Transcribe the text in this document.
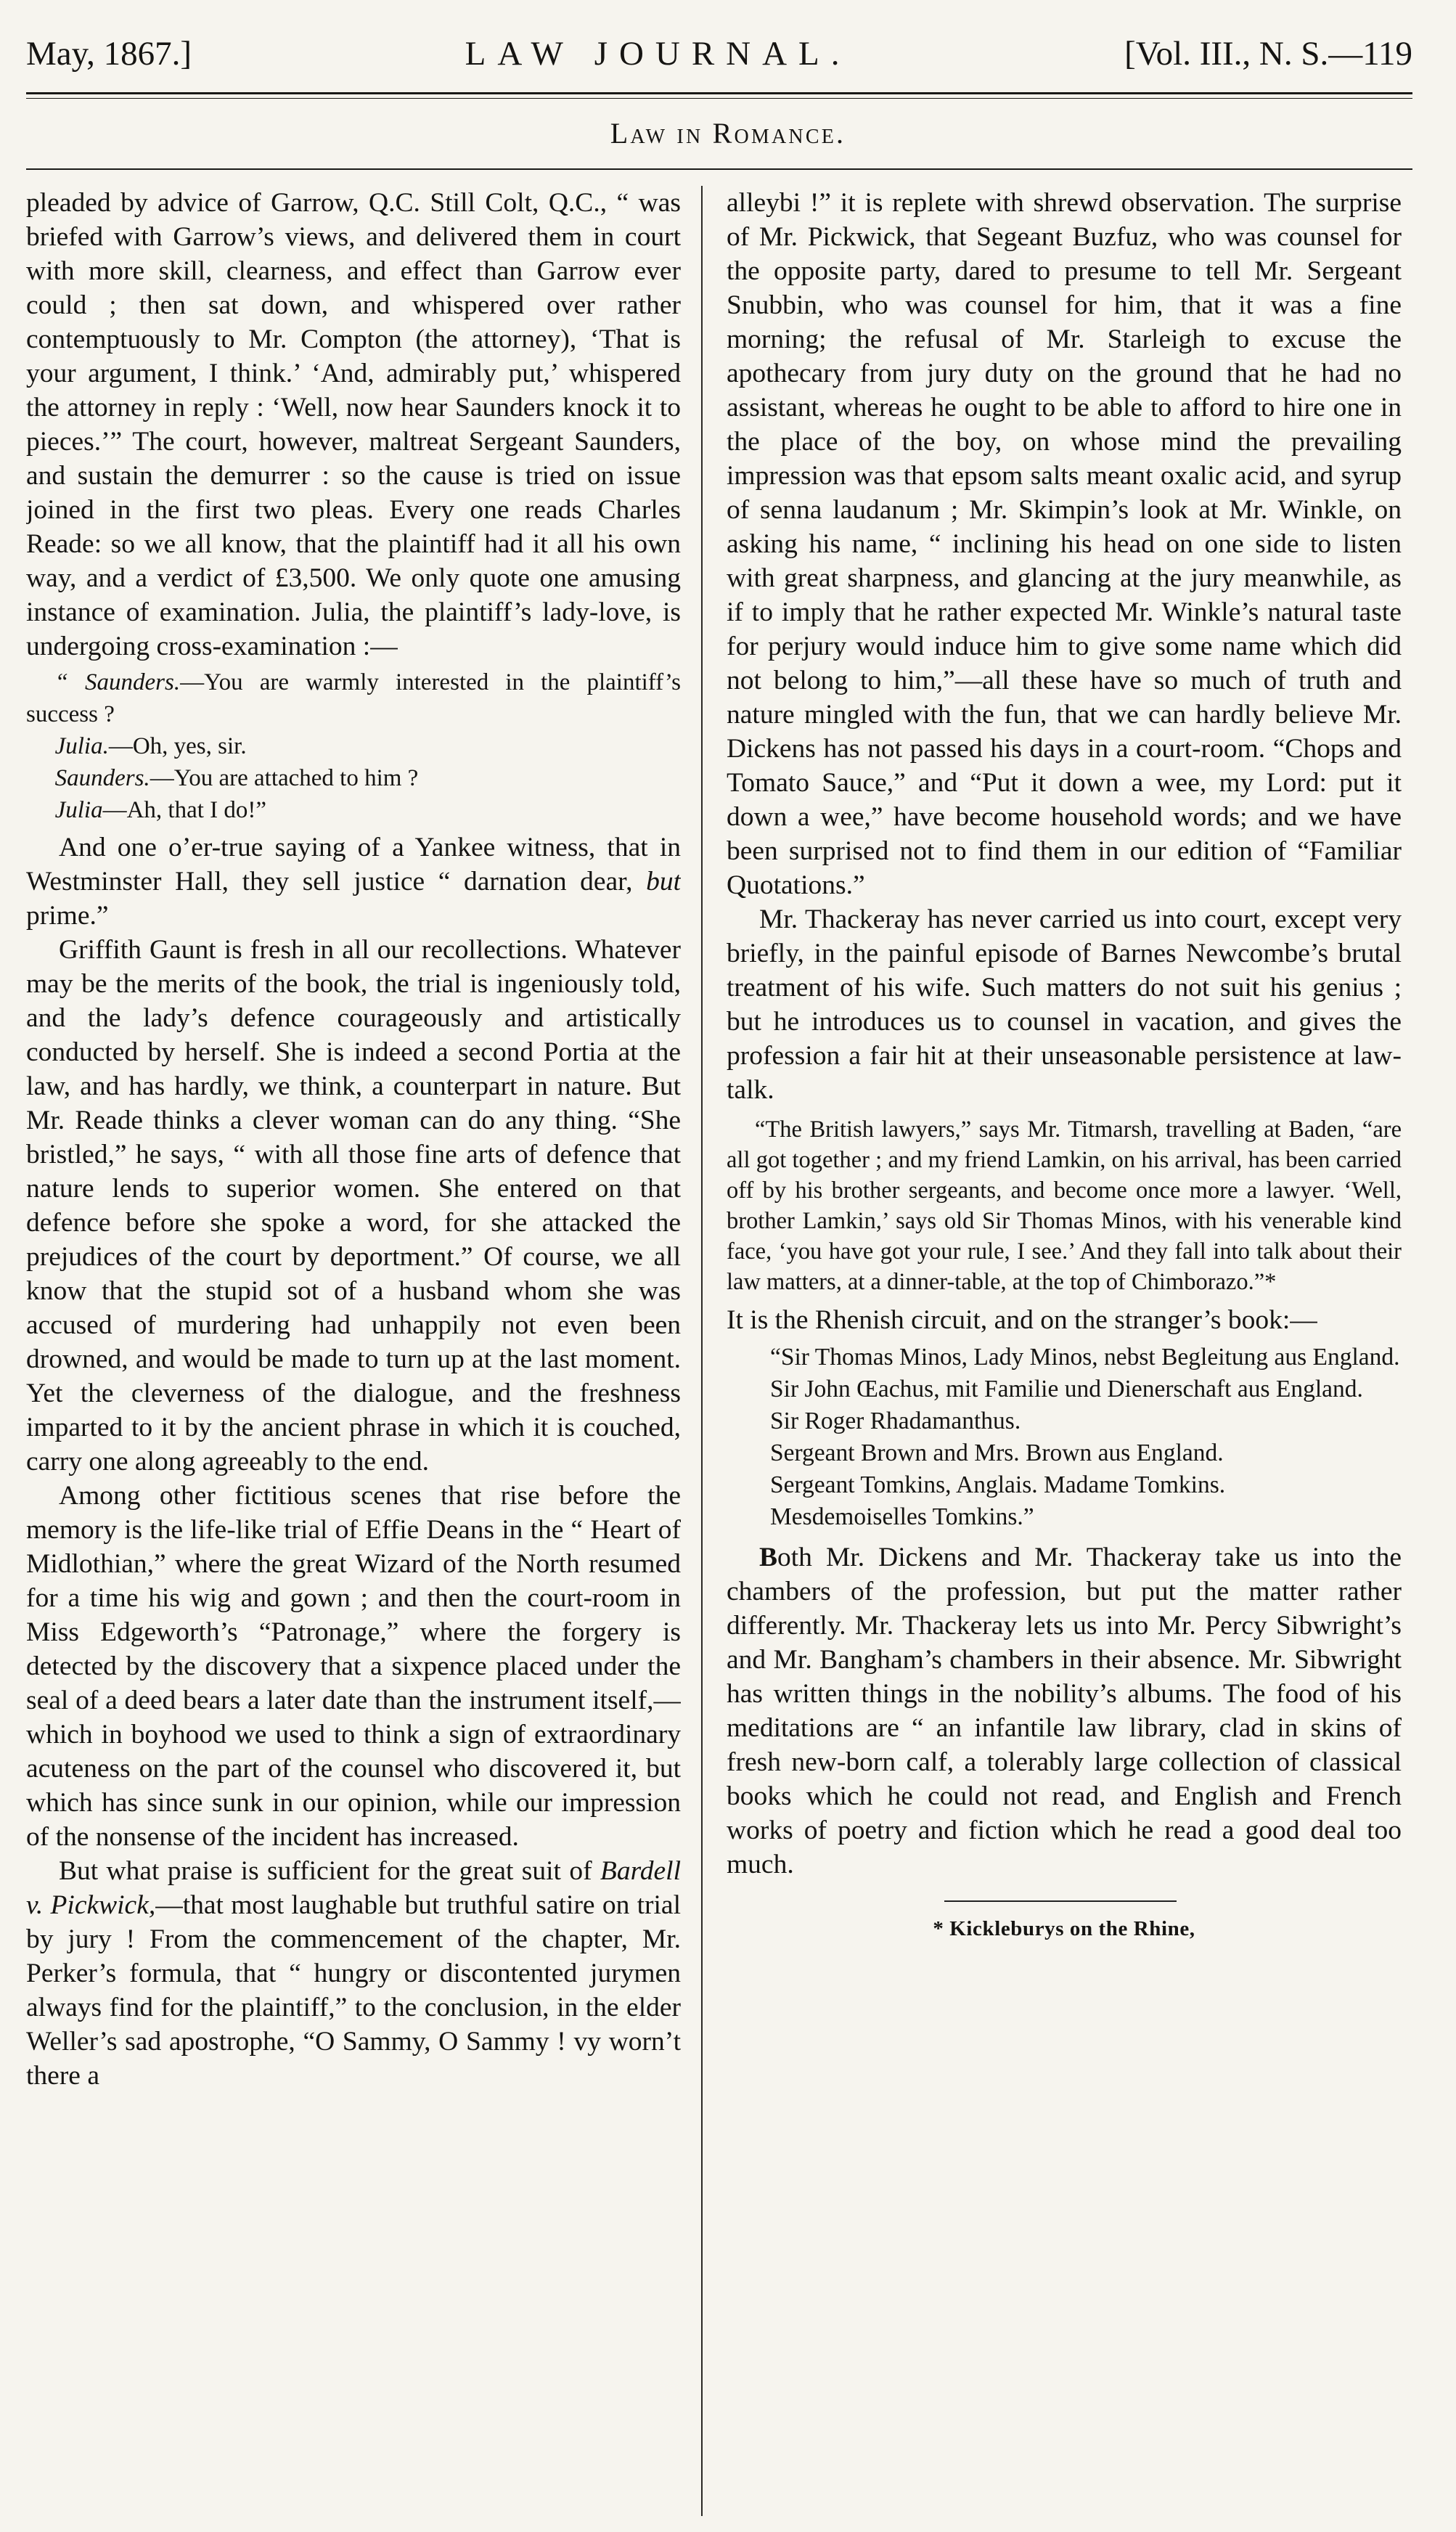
May, 1867.]	LAW JOURNAL.	[Vol. III., N. S.—119
Law in Romance.

pleaded by advice of Garrow, Q.C. Still Colt, Q.C., “ was briefed with Garrow’s views, and delivered them in court with more skill, clearness, and effect than Garrow ever could ; then sat down, and whispered over rather contemptuously to Mr. Compton (the attorney), ‘That is your argument, I think.’ ‘And, admirably put,’ whispered the attorney in reply : ‘Well, now hear Saunders knock it to pieces.’” The court, however, maltreat Sergeant Saunders, and sustain the demurrer : so the cause is tried on issue joined in the first two pleas. Every one reads Charles Reade: so we all know, that the plaintiff had it all his own way, and a verdict of £3,500. We only quote one amusing instance of examination. Julia, the plaintiff’s lady-love, is undergoing cross-examination :—

“ Saunders.—You are warmly interested in the plaintiff’s success ?
Julia.—Oh, yes, sir.
Saunders.—You are attached to him ?
Julia—Ah, that I do!”

And one o’er-true saying of a Yankee witness, that in Westminster Hall, they sell justice “ darnation dear, but prime.”

Griffith Gaunt is fresh in all our recollections. Whatever may be the merits of the book, the trial is ingeniously told, and the lady’s defence courageously and artistically conducted by herself. She is indeed a second Portia at the law, and has hardly, we think, a counterpart in nature. But Mr. Reade thinks a clever woman can do any thing. “She bristled,” he says, “ with all those fine arts of defence that nature lends to superior women. She entered on that defence before she spoke a word, for she attacked the prejudices of the court by deportment.” Of course, we all know that the stupid sot of a husband whom she was accused of murdering had unhappily not even been drowned, and would be made to turn up at the last moment. Yet the cleverness of the dialogue, and the freshness imparted to it by the ancient phrase in which it is couched, carry one along agreeably to the end.

Among other fictitious scenes that rise before the memory is the life-like trial of Effie Deans in the “ Heart of Midlothian,” where the great Wizard of the North resumed for a time his wig and gown ; and then the court-room in Miss Edgeworth’s “Patronage,” where the forgery is detected by the discovery that a sixpence placed under the seal of a deed bears a later date than the instrument itself,—which in boyhood we used to think a sign of extraordinary acuteness on the part of the counsel who discovered it, but which has since sunk in our opinion, while our impression of the nonsense of the incident has increased.

But what praise is sufficient for the great suit of Bardell v. Pickwick,—that most laughable but truthful satire on trial by jury ! From the commencement of the chapter, Mr. Perker’s formula, that “ hungry or discontented jurymen always find for the plaintiff,” to the conclusion, in the elder Weller’s sad apostrophe, “O Sammy, O Sammy ! vy worn’t there a

alleybi !” it is replete with shrewd observation. The surprise of Mr. Pickwick, that Segeant Buzfuz, who was counsel for the opposite party, dared to presume to tell Mr. Sergeant Snubbin, who was counsel for him, that it was a fine morning; the refusal of Mr. Starleigh to excuse the apothecary from jury duty on the ground that he had no assistant, whereas he ought to be able to afford to hire one in the place of the boy, on whose mind the prevailing impression was that epsom salts meant oxalic acid, and syrup of senna laudanum ; Mr. Skimpin’s look at Mr. Winkle, on asking his name, “ inclining his head on one side to listen with great sharpness, and glancing at the jury meanwhile, as if to imply that he rather expected Mr. Winkle’s natural taste for perjury would induce him to give some name which did not belong to him,”—all these have so much of truth and nature mingled with the fun, that we can hardly believe Mr. Dickens has not passed his days in a court-room. “Chops and Tomato Sauce,” and “Put it down a wee, my Lord: put it down a wee,” have become household words; and we have been surprised not to find them in our edition of “Familiar Quotations.”

Mr. Thackeray has never carried us into court, except very briefly, in the painful episode of Barnes Newcombe’s brutal treatment of his wife. Such matters do not suit his genius ; but he introduces us to counsel in vacation, and gives the profession a fair hit at their unseasonable persistence at law-talk.

“The British lawyers,” says Mr. Titmarsh, travelling at Baden, “are all got together ; and my friend Lamkin, on his arrival, has been carried off by his brother sergeants, and become once more a lawyer. ‘Well, brother Lamkin,’ says old Sir Thomas Minos, with his venerable kind face, ‘you have got your rule, I see.’ And they fall into talk about their law matters, at a dinner-table, at the top of Chimborazo.”*

It is the Rhenish circuit, and on the stranger’s book:—

“Sir Thomas Minos, Lady Minos, nebst Begleitung aus England.
Sir John Œachus, mit Familie und Dienerschaft aus England.
Sir Roger Rhadamanthus.
Sergeant Brown and Mrs. Brown aus England.
Sergeant Tomkins, Anglais. Madame Tomkins.
Mesdemoiselles Tomkins.”

Both Mr. Dickens and Mr. Thackeray take us into the chambers of the profession, but put the matter rather differently. Mr. Thackeray lets us into Mr. Percy Sibwright’s and Mr. Bangham’s chambers in their absence. Mr. Sibwright has written things in the nobility’s albums. The food of his meditations are “ an infantile law library, clad in skins of fresh new-born calf, a tolerably large collection of classical books which he could not read, and English and French works of poetry and fiction which he read a good deal too much.

* Kickleburys on the Rhine,
